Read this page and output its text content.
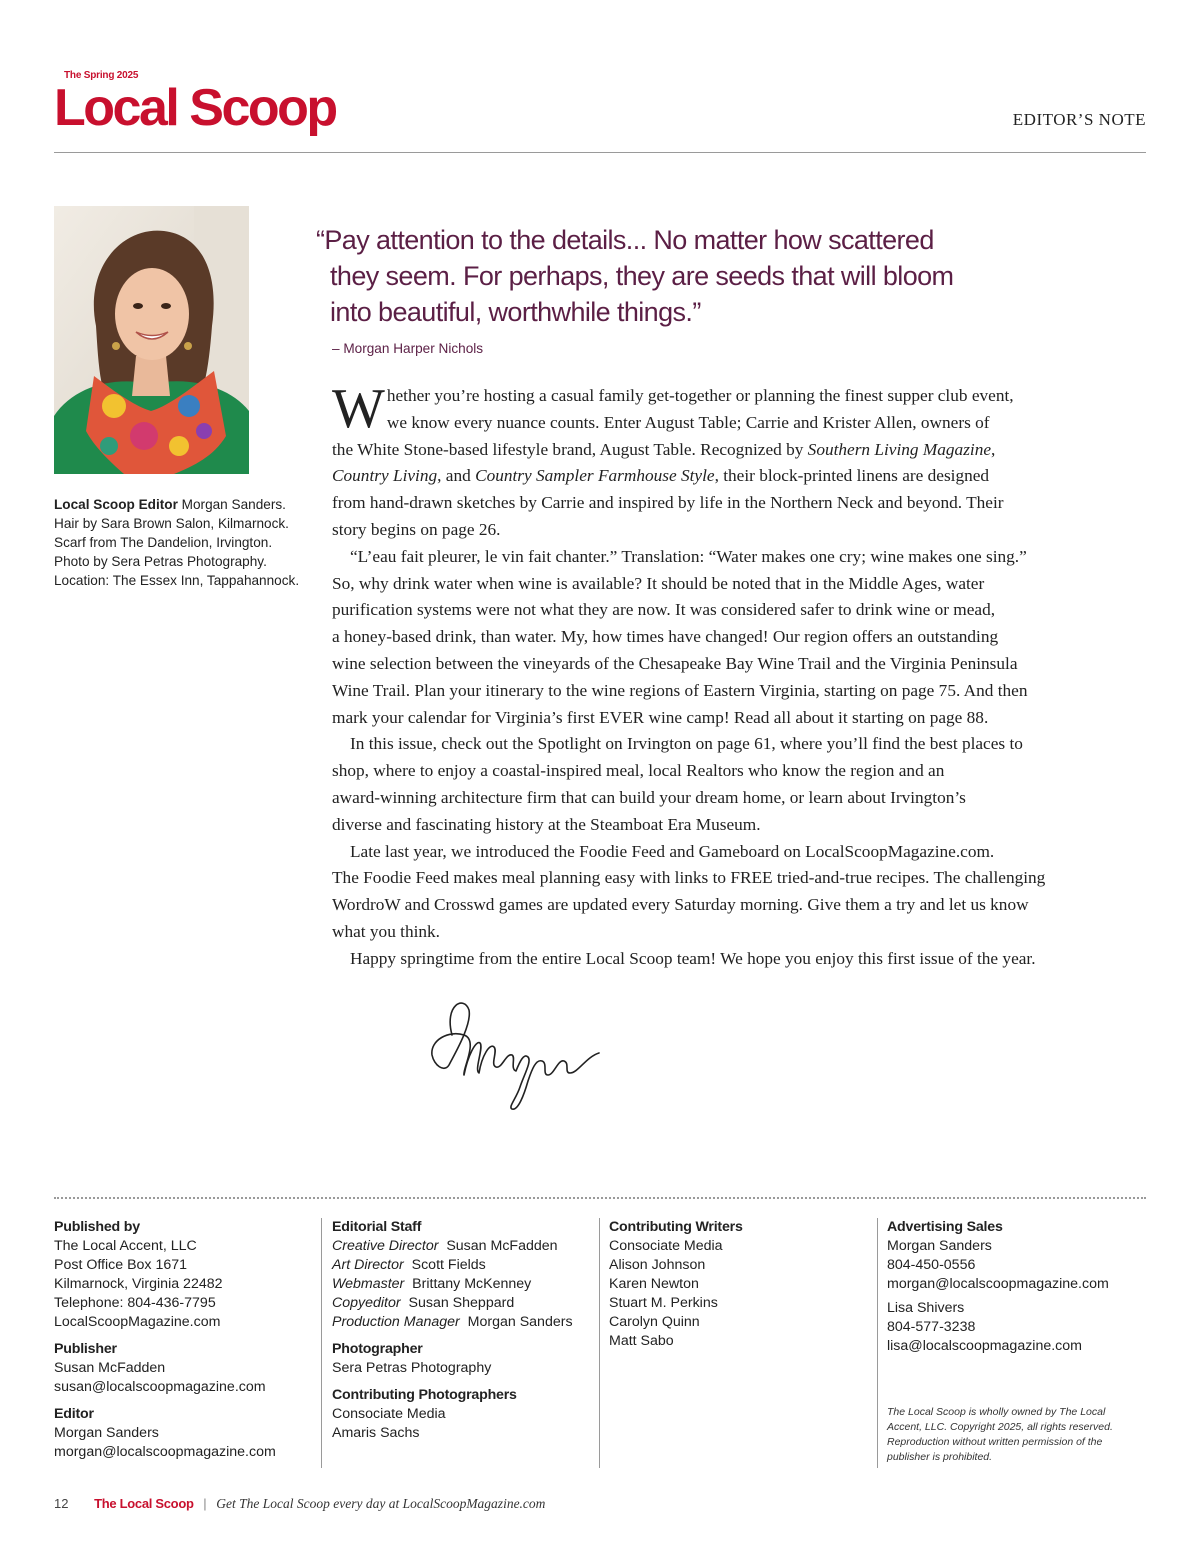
The Spring 2025
Local Scoop	EDITOR’S NOTE
Local Scoop Editor Morgan Sanders.
Hair by Sara Brown Salon, Kilmarnock.
Scarf from The Dandelion, Irvington.
Photo by Sera Petras Photography.
Location: The Essex Inn, Tappahannock.
“Pay attention to the details... No matter how scattered
they seem. For perhaps, they are seeds that will bloom
into beautiful, worthwhile things.”
– Morgan Harper Nichols
W hether you’re hosting a casual family get-together or planning the finest supper club event,
we know every nuance counts. Enter August Table; Carrie and Krister Allen, owners of
the White Stone-based lifestyle brand, August Table. Recognized by Southern Living Magazine,
Country Living, and Country Sampler Farmhouse Style, their block-printed linens are designed
from hand-drawn sketches by Carrie and inspired by life in the Northern Neck and beyond. Their
story begins on page 26.
“L’eau fait pleurer, le vin fait chanter.” Translation: “Water makes one cry; wine makes one sing.”
So, why drink water when wine is available? It should be noted that in the Middle Ages, water
purification systems were not what they are now. It was considered safer to drink wine or mead,
a honey-based drink, than water. My, how times have changed! Our region offers an outstanding
wine selection between the vineyards of the Chesapeake Bay Wine Trail and the Virginia Peninsula
Wine Trail. Plan your itinerary to the wine regions of Eastern Virginia, starting on page 75. And then
mark your calendar for Virginia’s first EVER wine camp! Read all about it starting on page 88.
In this issue, check out the Spotlight on Irvington on page 61, where you’ll find the best places to
shop, where to enjoy a coastal-inspired meal, local Realtors who know the region and an
award-winning architecture firm that can build your dream home, or learn about Irvington’s
diverse and fascinating history at the Steamboat Era Museum.
Late last year, we introduced the Foodie Feed and Gameboard on LocalScoopMagazine.com.
The Foodie Feed makes meal planning easy with links to FREE tried-and-true recipes. The challenging
WordroW and Crosswd games are updated every Saturday morning. Give them a try and let us know
what you think.
Happy springtime from the entire Local Scoop team! We hope you enjoy this first issue of the year.
Published by
The Local Accent, LLC
Post Office Box 1671
Kilmarnock, Virginia 22482
Telephone: 804-436-7795
LocalScoopMagazine.com
Publisher
Susan McFadden
susan@localscoopmagazine.com
Editor
Morgan Sanders
morgan@localscoopmagazine.com
Editorial Staff
Creative Director Susan McFadden
Art Director Scott Fields
Webmaster Brittany McKenney
Copyeditor Susan Sheppard
Production Manager Morgan Sanders
Photographer
Sera Petras Photography
Contributing Photographers
Consociate Media
Amaris Sachs
Contributing Writers
Consociate Media
Alison Johnson
Karen Newton
Stuart M. Perkins
Carolyn Quinn
Matt Sabo
Advertising Sales
Morgan Sanders
804-450-0556
morgan@localscoopmagazine.com
Lisa Shivers
804-577-3238
lisa@localscoopmagazine.com
The Local Scoop is wholly owned by The Local Accent, LLC. Copyright 2025, all rights reserved. Reproduction without written permission of the publisher is prohibited.
12 The Local Scoop | Get The Local Scoop every day at LocalScoopMagazine.com
